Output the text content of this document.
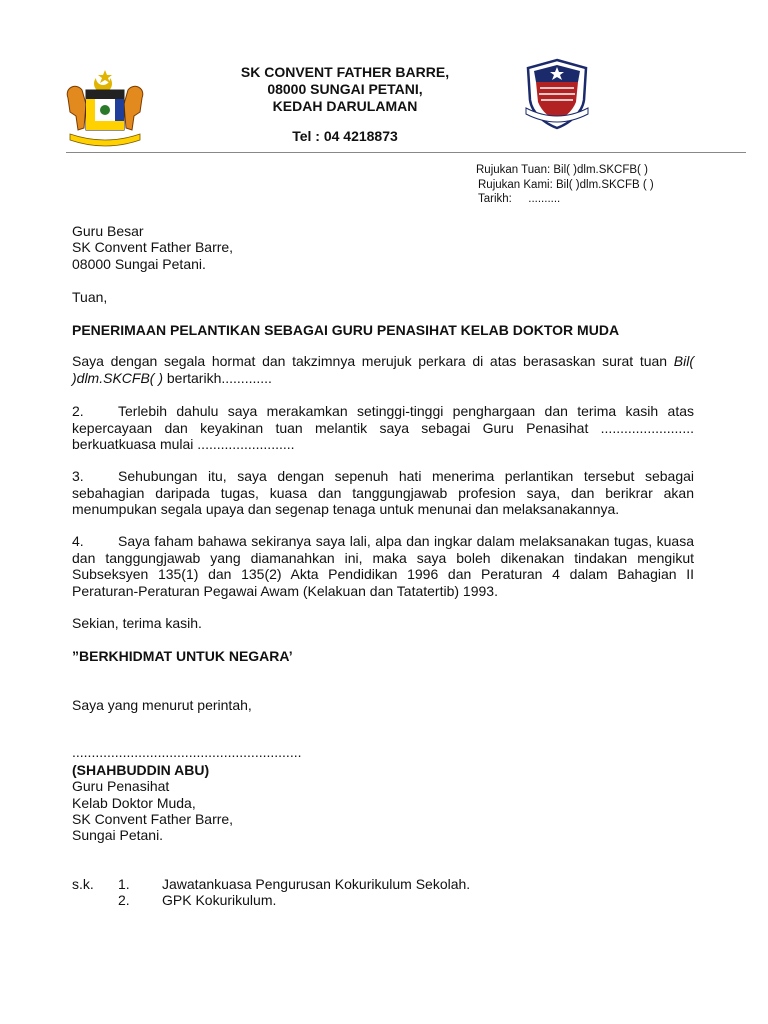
SK CONVENT FATHER BARRE,
08000 SUNGAI PETANI,
KEDAH DARULAMAN
Tel : 04 4218873
Rujukan Tuan: Bil( )dlm.SKCFB( )
Rujukan Kami: Bil( )dlm.SKCFB ( )
Tarikh: ..........
Guru Besar
SK Convent Father Barre,
08000 Sungai Petani.
Tuan,
PENERIMAAN PELANTIKAN SEBAGAI GURU PENASIHAT KELAB DOKTOR MUDA
Saya dengan segala hormat dan takzimnya merujuk perkara di atas berasaskan surat tuan Bil( )dlm.SKCFB( ) bertarikh.............
2. Terlebih dahulu saya merakamkan setinggi-tinggi penghargaan dan terima kasih atas kepercayaan dan keyakinan tuan melantik saya sebagai Guru Penasihat ........................ berkuatkuasa mulai .........................
3. Sehubungan itu, saya dengan sepenuh hati menerima perlantikan tersebut sebagai sebahagian daripada tugas, kuasa dan tanggungjawab profesion saya, dan berikrar akan menumpukan segala upaya dan segenap tenaga untuk menunai dan melaksanakannya.
4. Saya faham bahawa sekiranya saya lali, alpa dan ingkar dalam melaksanakan tugas, kuasa dan tanggungjawab yang diamanahkan ini, maka saya boleh dikenakan tindakan mengikut Subseksyen 135(1) dan 135(2) Akta Pendidikan 1996 dan Peraturan 4 dalam Bahagian II Peraturan-Peraturan Pegawai Awam (Kelakuan dan Tatatertib) 1993.
Sekian, terima kasih.
”BERKHIDMAT UNTUK NEGARA’
Saya yang menurut perintah,
...........................................................
(SHAHBUDDIN ABU)
Guru Penasihat
Kelab Doktor Muda,
SK Convent Father Barre,
Sungai Petani.
s.k. 1. Jawatankuasa Pengurusan Kokurikulum Sekolah.
2. GPK Kokurikulum.
